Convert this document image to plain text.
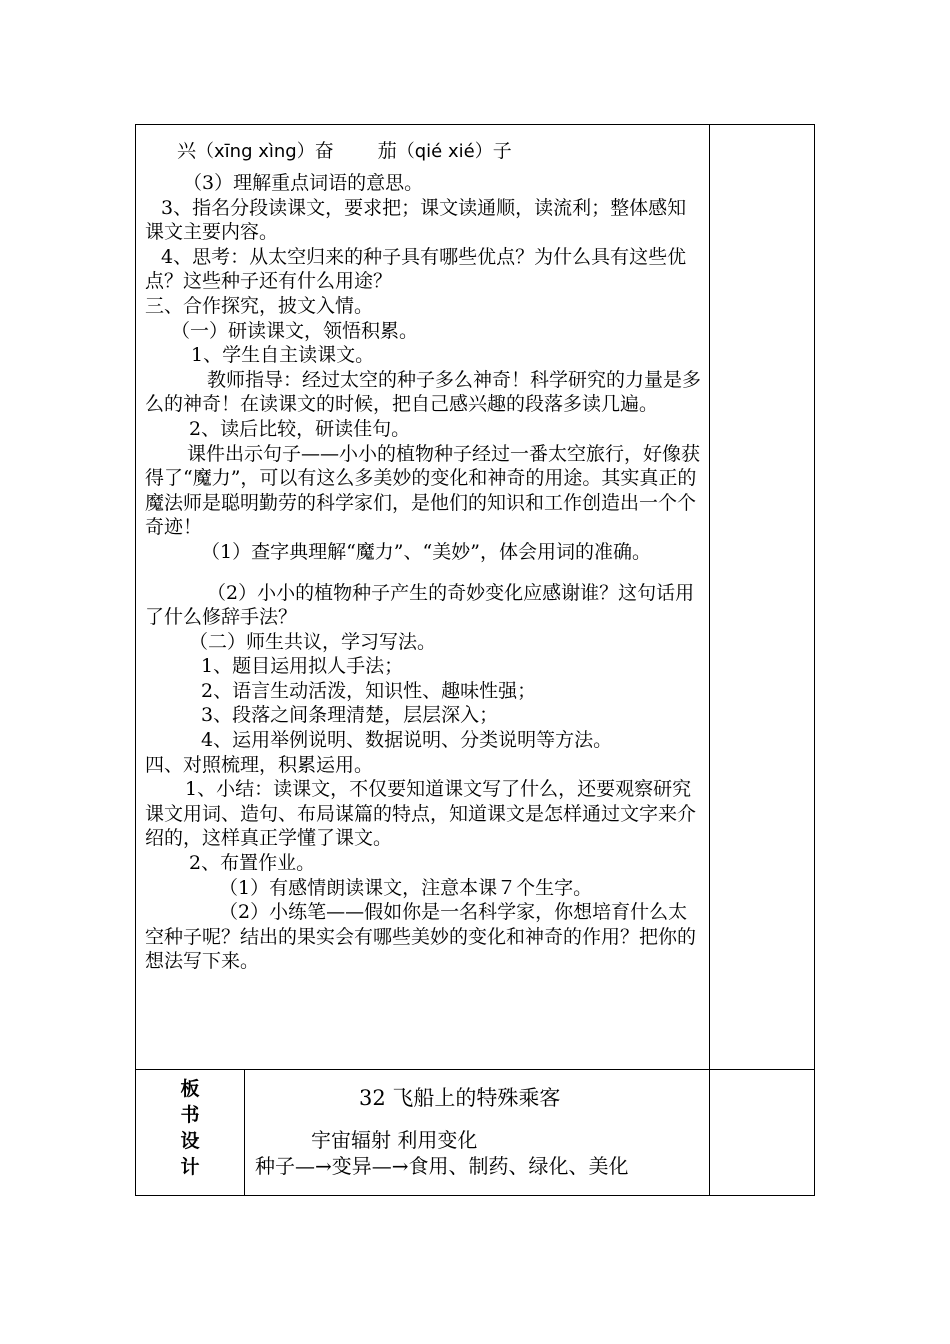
兴（xīng xìng）奋 茄（qié xié）子

（3）理解重点词语的意思。

3、指名分段读课文，要求把；课文读通顺，读流利；整体感知课文主要内容。

4、思考：从太空归来的种子具有哪些优点？为什么具有这些优点？这些种子还有什么用途？

三、合作探究，披文入情。

（一）研读课文，领悟积累。

1、学生自主读课文。

教师指导：经过太空的种子多么神奇！科学研究的力量是多么的神奇！在读课文的时候，把自己感兴趣的段落多读几遍。

2、读后比较，研读佳句。

课件出示句子——小小的植物种子经过一番太空旅行，好像获得了“魔力”，可以有这么多美妙的变化和神奇的用途。其实真正的魔法师是聪明勤劳的科学家们，是他们的知识和工作创造出一个个奇迹！

（1）查字典理解“魔力”、“美妙”，体会用词的准确。

（2）小小的植物种子产生的奇妙变化应感谢谁？这句话用了什么修辞手法？

（二）师生共议，学习写法。

1、题目运用拟人手法；

2、语言生动活泼，知识性、趣味性强；

3、段落之间条理清楚，层层深入；

4、运用举例说明、数据说明、分类说明等方法。

四、对照梳理，积累运用。

1、小结：读课文，不仅要知道课文写了什么，还要观察研究课文用词、造句、布局谋篇的特点，知道课文是怎样通过文字来介绍的，这样真正学懂了课文。

2、布置作业。

（1）有感情朗读课文，注意本课７个生字。

（2）小练笔——假如你是一名科学家，你想培育什么太空种子呢？结出的果实会有哪些美妙的变化和神奇的作用？把你的想法写下来。

板
书
设
计
32 飞船上的特殊乘客
宇宙辐射 利用变化
种子—→变异—→食用、制药、绿化、美化
